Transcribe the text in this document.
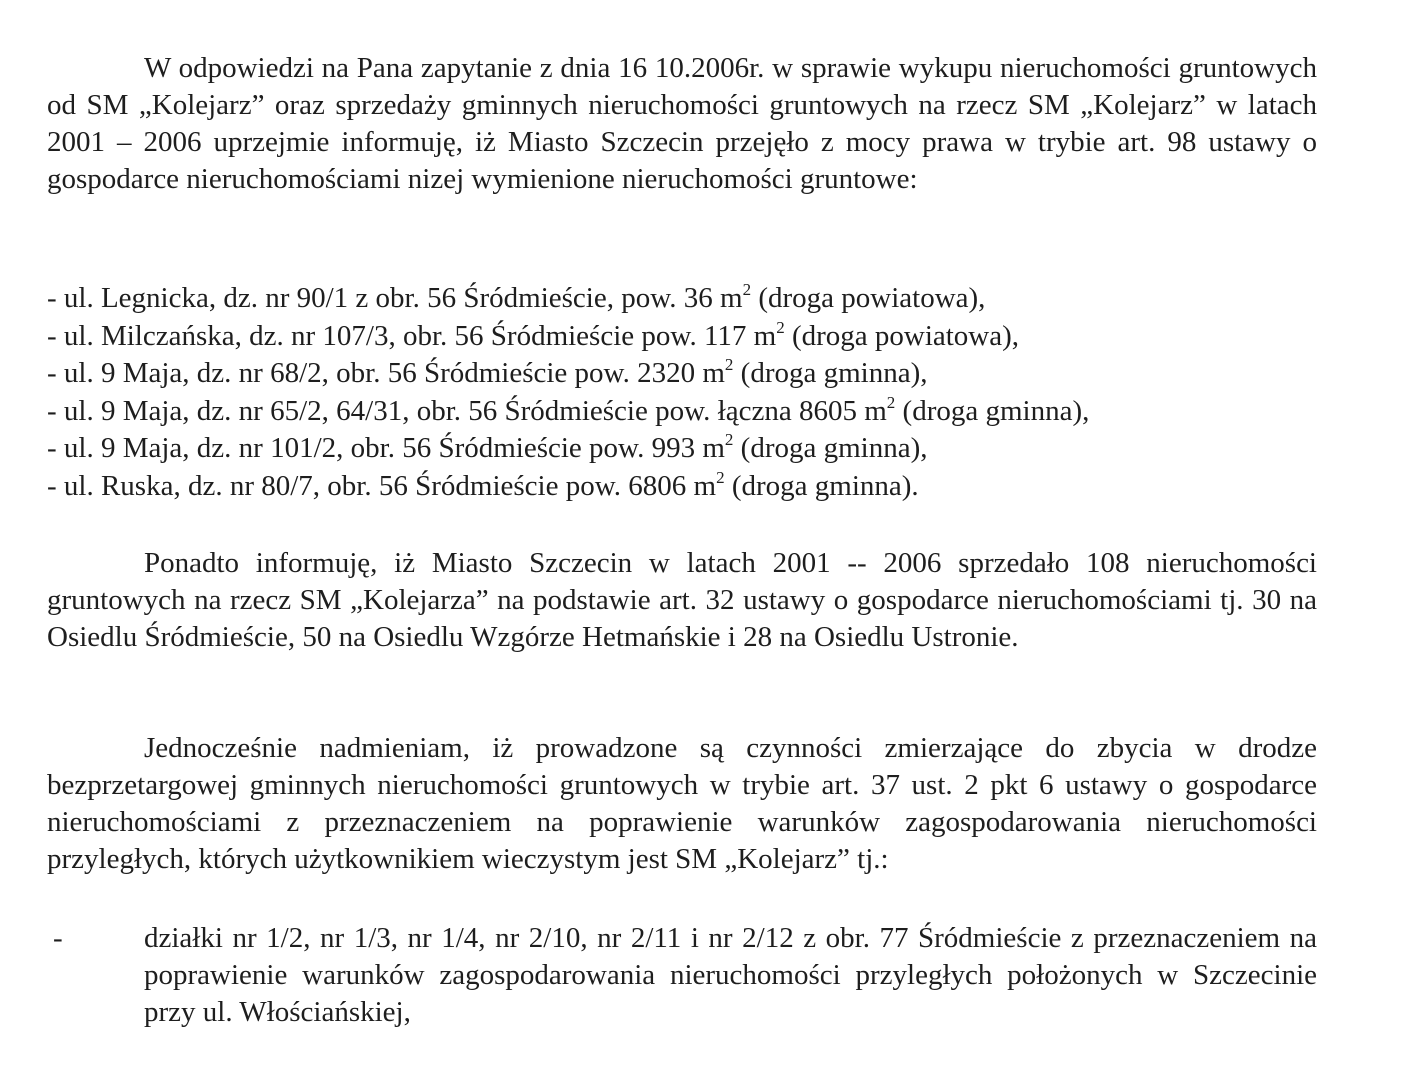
W odpowiedzi na Pana zapytanie z dnia 16 10.2006r. w sprawie wykupu nieruchomości gruntowych od SM „Kolejarz” oraz sprzedaży gminnych nieruchomości gruntowych na rzecz SM „Kolejarz” w latach 2001 – 2006 uprzejmie informuję, iż Miasto Szczecin przejęło z mocy prawa w trybie art. 98 ustawy o gospodarce nieruchomościami nizej wymienione nieruchomości gruntowe:

- ul. Legnicka, dz. nr 90/1 z obr. 56 Śródmieście, pow. 36 $m^2$ (droga powiatowa),
- ul. Milczańska, dz. nr 107/3, obr. 56 Śródmieście pow. 117 $m^2$ (droga powiatowa),
- ul. 9 Maja, dz. nr 68/2, obr. 56 Śródmieście pow. 2320 $m^2$ (droga gminna),
- ul. 9 Maja, dz. nr 65/2, 64/31, obr. 56 Śródmieście pow. łączna 8605 $m^2$ (droga gminna),
- ul. 9 Maja, dz. nr 101/2, obr. 56 Śródmieście pow. 993 $m^2$ (droga gminna),
- ul. Ruska, dz. nr 80/7, obr. 56 Śródmieście pow. 6806 $m^2$ (droga gminna).

Ponadto informuję, iż Miasto Szczecin w latach 2001 -- 2006 sprzedało 108 nieruchomości gruntowych na rzecz SM „Kolejarza” na podstawie art. 32 ustawy o gospodarce nieruchomościami tj. 30 na Osiedlu Śródmieście, 50 na Osiedlu Wzgórze Hetmańskie i 28 na Osiedlu Ustronie.

Jednocześnie nadmieniam, iż prowadzone są czynności zmierzające do zbycia w drodze bezprzetargowej gminnych nieruchomości gruntowych w trybie art. 37 ust. 2 pkt 6 ustawy o gospodarce nieruchomościami z przeznaczeniem na poprawienie warunków zagospodarowania nieruchomości przyległych, których użytkownikiem wieczystym jest SM „Kolejarz” tj.:

-	działki nr 1/2, nr 1/3, nr 1/4, nr 2/10, nr 2/11 i nr 2/12 z obr. 77 Śródmieście z przeznaczeniem na poprawienie warunków zagospodarowania nieruchomości przyległych położonych w Szczecinie przy ul. Włościańskiej,
